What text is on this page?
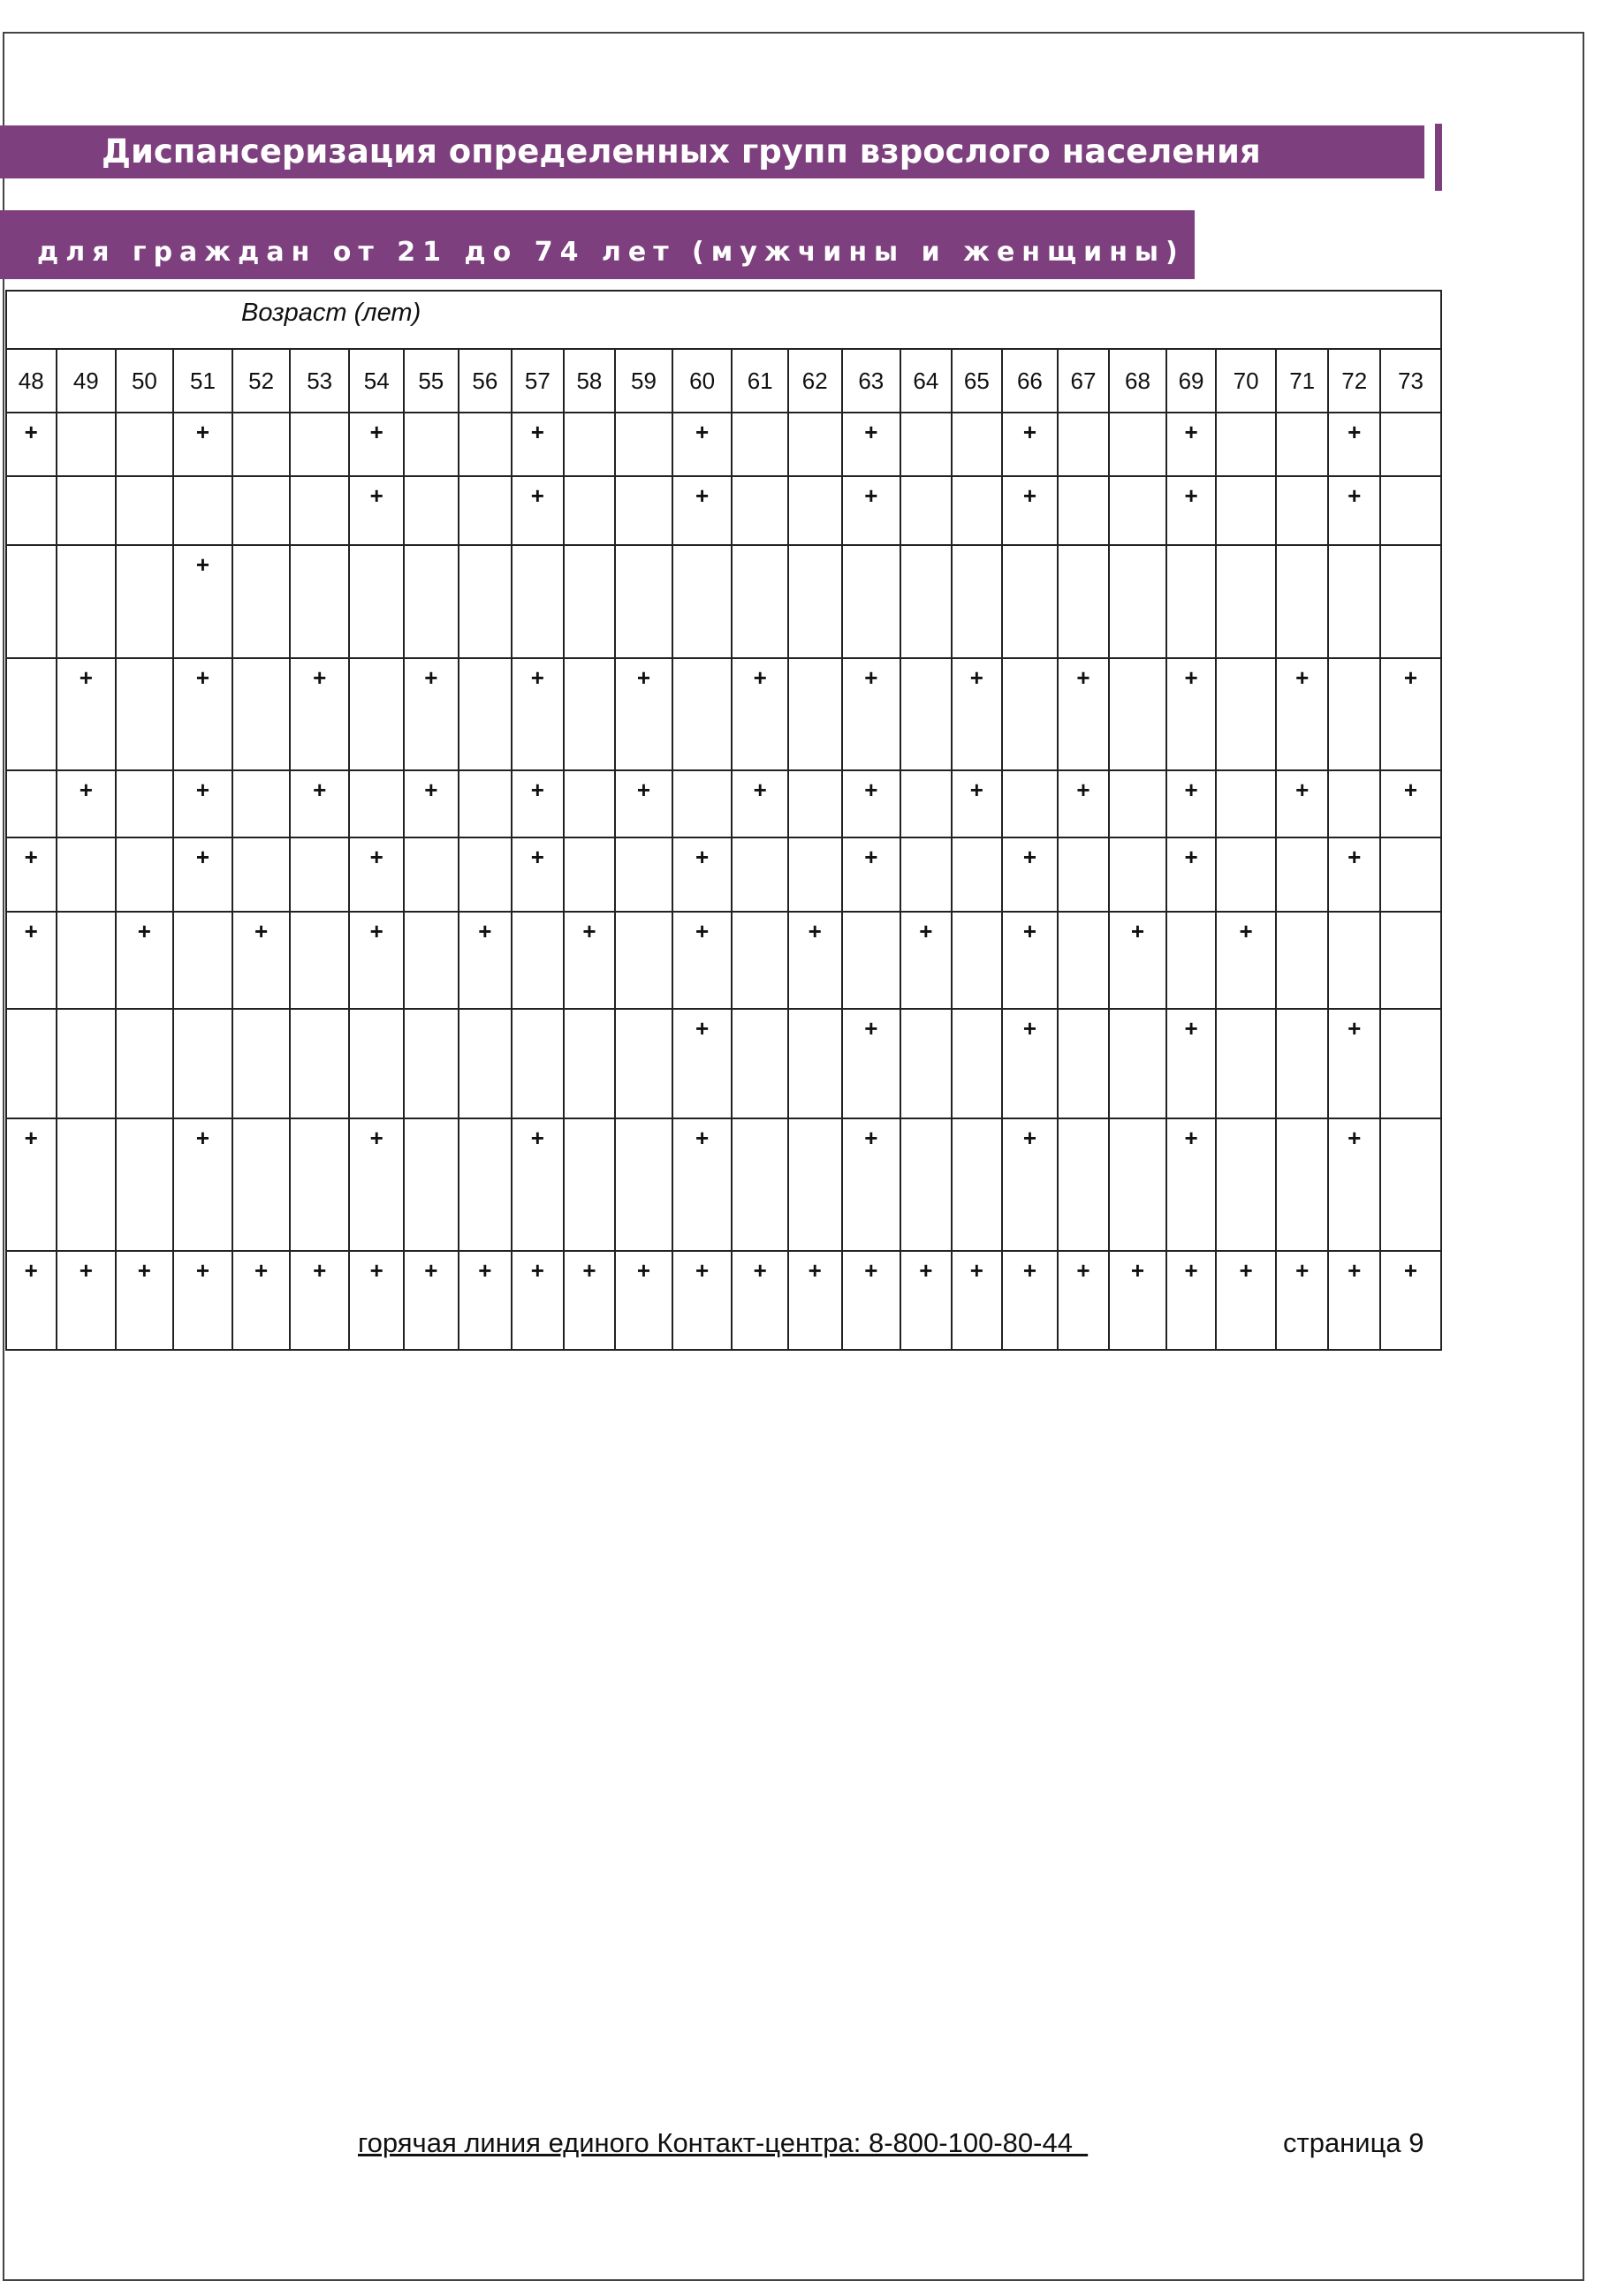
Диспансеризация определенных групп взрослого населения
для граждан от 21 до 74 лет (мужчины и женщины)
Возраст (лет)																									
48	49	50	51	52	53	54	55	56	57	58	59	60	61	62	63	64	65	66	67	68	69	70	71	72	73
+			+			+			+			+			+			+			+			+	
						+			+			+			+			+			+			+	
			+																						
	+		+		+		+		+		+		+		+		+		+		+		+		+
	+		+		+		+		+		+		+		+		+		+		+		+		+
+			+			+			+			+			+			+			+			+	
+		+		+		+		+		+		+		+		+		+		+		+			
												+			+			+			+			+	
+			+			+			+			+			+			+			+			+	
+	+	+	+	+	+	+	+	+	+	+	+	+	+	+	+	+	+	+	+	+	+	+	+	+	+
горячая линия единого Контакт-центра: 8-800-100-80-44	страница 9
